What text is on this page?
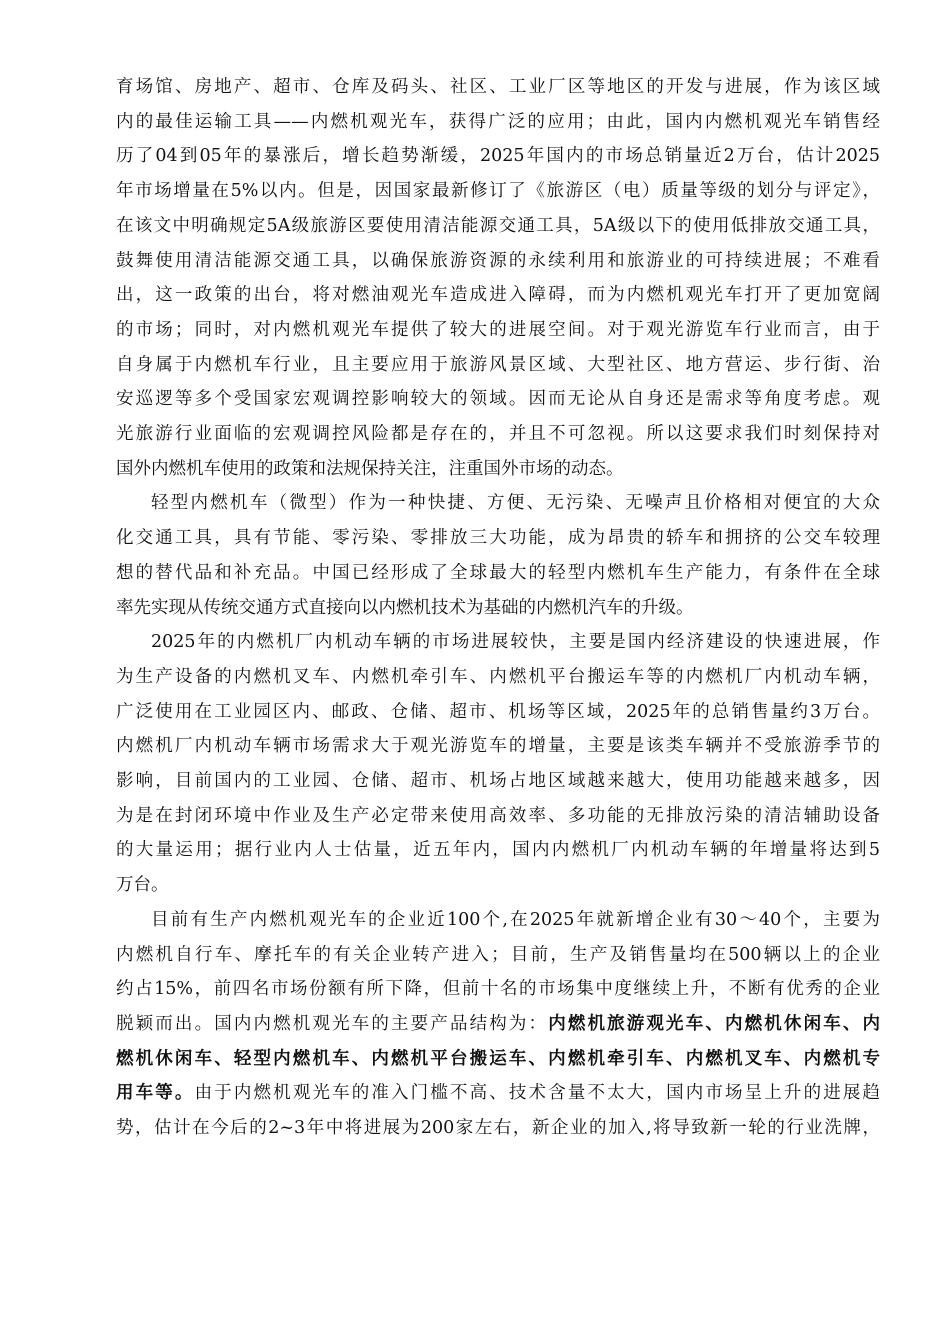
育场馆、房地产、超市、仓库及码头、社区、工业厂区等地区的开发与进展，作为该区域
内的最佳运输工具——内燃机观光车，获得广泛的应用；由此，国内内燃机观光车销售经
历了04到05年的暴涨后，增长趋势渐缓，2025年国内的市场总销量近2万台，估计2025
年市场增量在5%以内。但是，因国家最新修订了《旅游区（电）质量等级的划分与评定》，
在该文中明确规定5A级旅游区要使用清洁能源交通工具，5A级以下的使用低排放交通工具，
鼓舞使用清洁能源交通工具，以确保旅游资源的永续利用和旅游业的可持续进展；不难看
出，这一政策的出台，将对燃油观光车造成进入障碍，而为内燃机观光车打开了更加宽阔
的市场；同时，对内燃机观光车提供了较大的进展空间。对于观光游览车行业而言，由于
自身属于内燃机车行业，且主要应用于旅游风景区域、大型社区、地方营运、步行街、治
安巡逻等多个受国家宏观调控影响较大的领域。因而无论从自身还是需求等角度考虑。观
光旅游行业面临的宏观调控风险都是存在的，并且不可忽视。所以这要求我们时刻保持对
国外内燃机车使用的政策和法规保持关注，注重国外市场的动态。

轻型内燃机车（微型）作为一种快捷、方便、无污染、无噪声且价格相对便宜的大众
化交通工具，具有节能、零污染、零排放三大功能，成为昂贵的轿车和拥挤的公交车较理
想的替代品和补充品。中国已经形成了全球最大的轻型内燃机车生产能力，有条件在全球
率先实现从传统交通方式直接向以内燃机技术为基础的内燃机汽车的升级。

2025年的内燃机厂内机动车辆的市场进展较快，主要是国内经济建设的快速进展，作
为生产设备的内燃机叉车、内燃机牵引车、内燃机平台搬运车等的内燃机厂内机动车辆，
广泛使用在工业园区内、邮政、仓储、超市、机场等区域，2025年的总销售量约3万台。
内燃机厂内机动车辆市场需求大于观光游览车的增量，主要是该类车辆并不受旅游季节的
影响，目前国内的工业园、仓储、超市、机场占地区域越来越大，使用功能越来越多，因
为是在封闭环境中作业及生产必定带来使用高效率、多功能的无排放污染的清洁辅助设备
的大量运用；据行业内人士估量，近五年内，国内内燃机厂内机动车辆的年增量将达到5
万台。

目前有生产内燃机观光车的企业近100个,在2025年就新增企业有30～40个，主要为
内燃机自行车、摩托车的有关企业转产进入；目前，生产及销售量均在500辆以上的企业
约占15%，前四名市场份额有所下降，但前十名的市场集中度继续上升，不断有优秀的企业
脱颖而出。国内内燃机观光车的主要产品结构为：内燃机旅游观光车、内燃机休闲车、内
燃机休闲车、轻型内燃机车、内燃机平台搬运车、内燃机牵引车、内燃机叉车、内燃机专
用车等。由于内燃机观光车的准入门槛不高、技术含量不太大，国内市场呈上升的进展趋
势，估计在今后的2~3年中将进展为200家左右，新企业的加入,将导致新一轮的行业洗牌，
